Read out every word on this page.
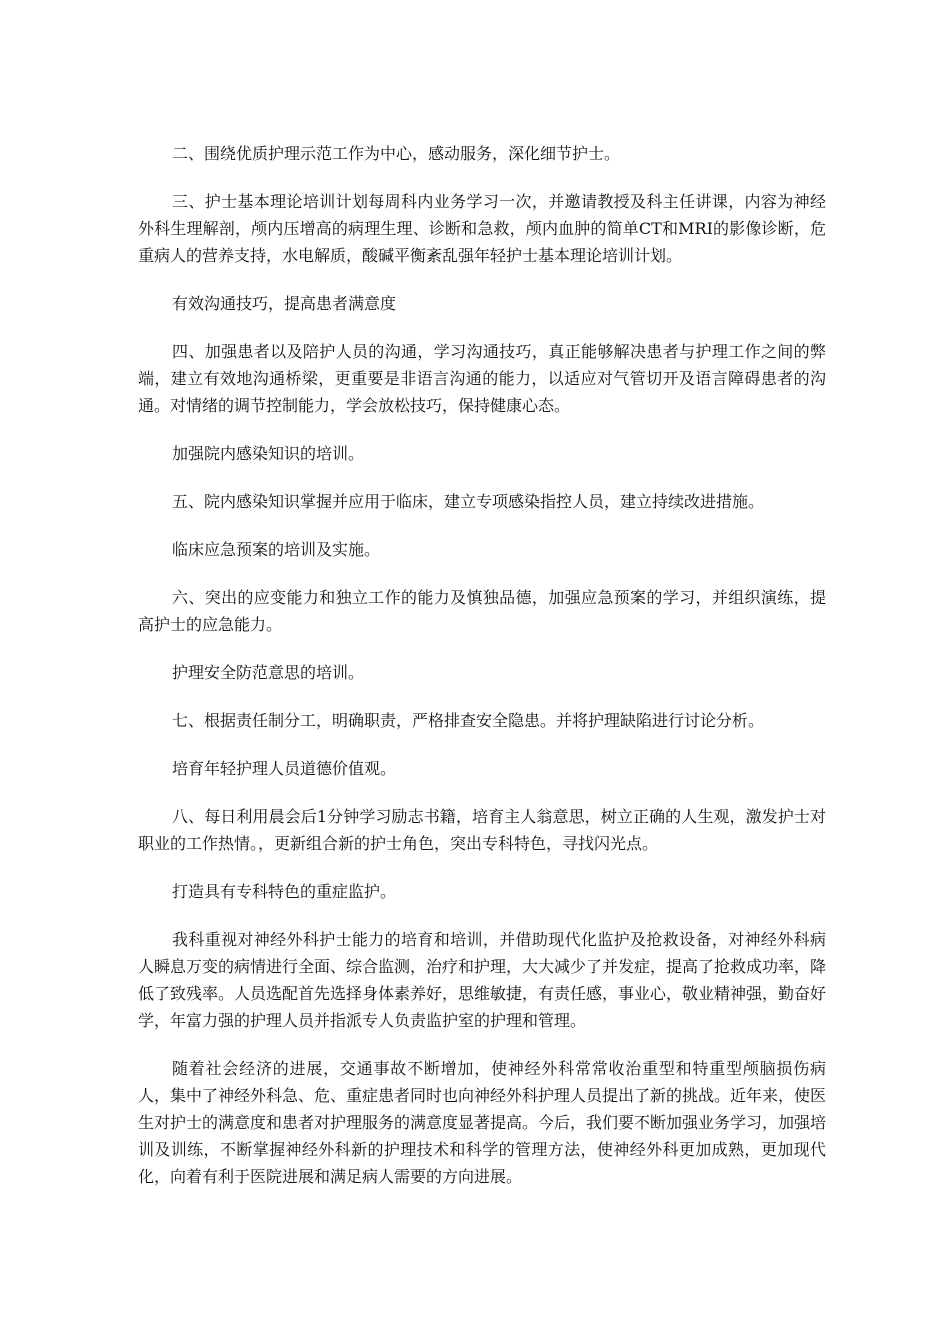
二、围绕优质护理示范工作为中心，感动服务，深化细节护士。

三、护士基本理论培训计划每周科内业务学习一次，并邀请教授及科主任讲课，内容为神经外科生理解剖，颅内压增高的病理生理、诊断和急救，颅内血肿的简单CT和MRI的影像诊断，危重病人的营养支持，水电解质，酸碱平衡紊乱强年轻护士基本理论培训计划。

有效沟通技巧，提高患者满意度

四、加强患者以及陪护人员的沟通，学习沟通技巧，真正能够解决患者与护理工作之间的弊端，建立有效地沟通桥梁，更重要是非语言沟通的能力，以适应对气管切开及语言障碍患者的沟通。对情绪的调节控制能力，学会放松技巧，保持健康心态。

加强院内感染知识的培训。

五、院内感染知识掌握并应用于临床，建立专项感染指控人员，建立持续改进措施。

临床应急预案的培训及实施。

六、突出的应变能力和独立工作的能力及慎独品德，加强应急预案的学习，并组织演练，提高护士的应急能力。

护理安全防范意思的培训。

七、根据责任制分工，明确职责，严格排查安全隐患。并将护理缺陷进行讨论分析。

培育年轻护理人员道德价值观。

八、每日利用晨会后1分钟学习励志书籍，培育主人翁意思，树立正确的人生观，激发护士对职业的工作热情。，更新组合新的护士角色，突出专科特色，寻找闪光点。

打造具有专科特色的重症监护。

我科重视对神经外科护士能力的培育和培训，并借助现代化监护及抢救设备，对神经外科病人瞬息万变的病情进行全面、综合监测，治疗和护理，大大减少了并发症，提高了抢救成功率，降低了致残率。人员选配首先选择身体素养好，思维敏捷，有责任感，事业心，敬业精神强，勤奋好学，年富力强的护理人员并指派专人负责监护室的护理和管理。

随着社会经济的进展，交通事故不断增加，使神经外科常常收治重型和特重型颅脑损伤病人，集中了神经外科急、危、重症患者同时也向神经外科护理人员提出了新的挑战。近年来，使医生对护士的满意度和患者对护理服务的满意度显著提高。今后，我们要不断加强业务学习，加强培训及训练，不断掌握神经外科新的护理技术和科学的管理方法，使神经外科更加成熟，更加现代化，向着有利于医院进展和满足病人需要的方向进展。
